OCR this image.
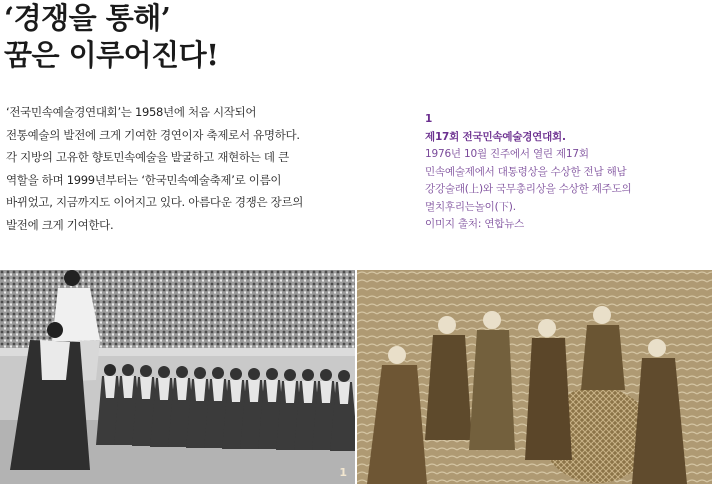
‘경쟁을 통해’
꿈은 이루어진다!

‘전국민속예술경연대회’는 1958년에 처음 시작되어
전통예술의 발전에 크게 기여한 경연이자 축제로서 유명하다.
각 지방의 고유한 향토민속예술을 발굴하고 재현하는 데 큰
역할을 하며 1999년부터는 ‘한국민속예술축제’로 이름이
바뀌었고, 지금까지도 이어지고 있다. 아름다운 경쟁은 장르의
발전에 크게 기여한다.

1
제17회 전국민속예술경연대회.
1976년 10월 진주에서 열린 제17회
민속예술제에서 대통령상을 수상한 전남 해남
강강술래(上)와 국무총리상을 수상한 제주도의
멸치후리는놀이(下).
이미지 출처: 연합뉴스
1
